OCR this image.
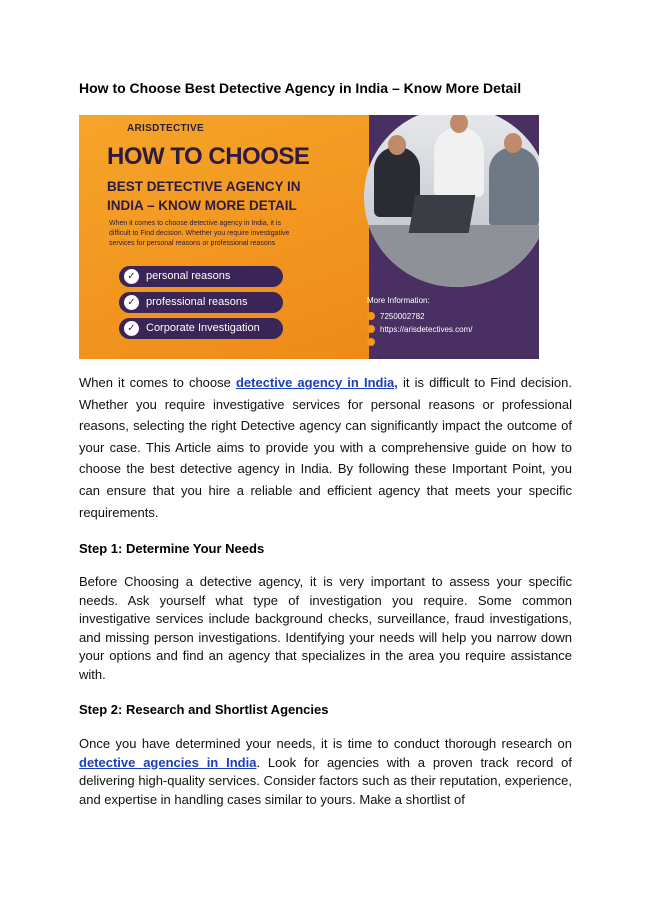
How to Choose Best Detective Agency in India – Know More Detail
ARISDTECTIVE
HOW TO CHOOSE
BEST DETECTIVE AGENCY IN
INDIA – KNOW MORE DETAIL
When it comes to choose detective agency in India, it is difficult to Find decision. Whether you require investigative services for personal reasons or professional reasons
✓ personal reasons
✓ professional reasons
✓ Corporate Investigation
More Information:
7250002782
https://arisdetectives.com/
When it comes to choose detective agency in India, it is difficult to Find decision. Whether you require investigative services for personal reasons or professional reasons, selecting the right Detective agency can significantly impact the outcome of your case. This Article aims to provide you with a comprehensive guide on how to choose the best detective agency in India. By following these Important Point, you can ensure that you hire a reliable and efficient agency that meets your specific requirements.
Step 1: Determine Your Needs
Before Choosing a detective agency, it is very important to assess your specific needs. Ask yourself what type of investigation you require. Some common investigative services include background checks, surveillance, fraud investigations, and missing person investigations. Identifying your needs will help you narrow down your options and find an agency that specializes in the area you require assistance with.
Step 2: Research and Shortlist Agencies
Once you have determined your needs, it is time to conduct thorough research on detective agencies in India. Look for agencies with a proven track record of delivering high-quality services. Consider factors such as their reputation, experience, and expertise in handling cases similar to yours. Make a shortlist of
